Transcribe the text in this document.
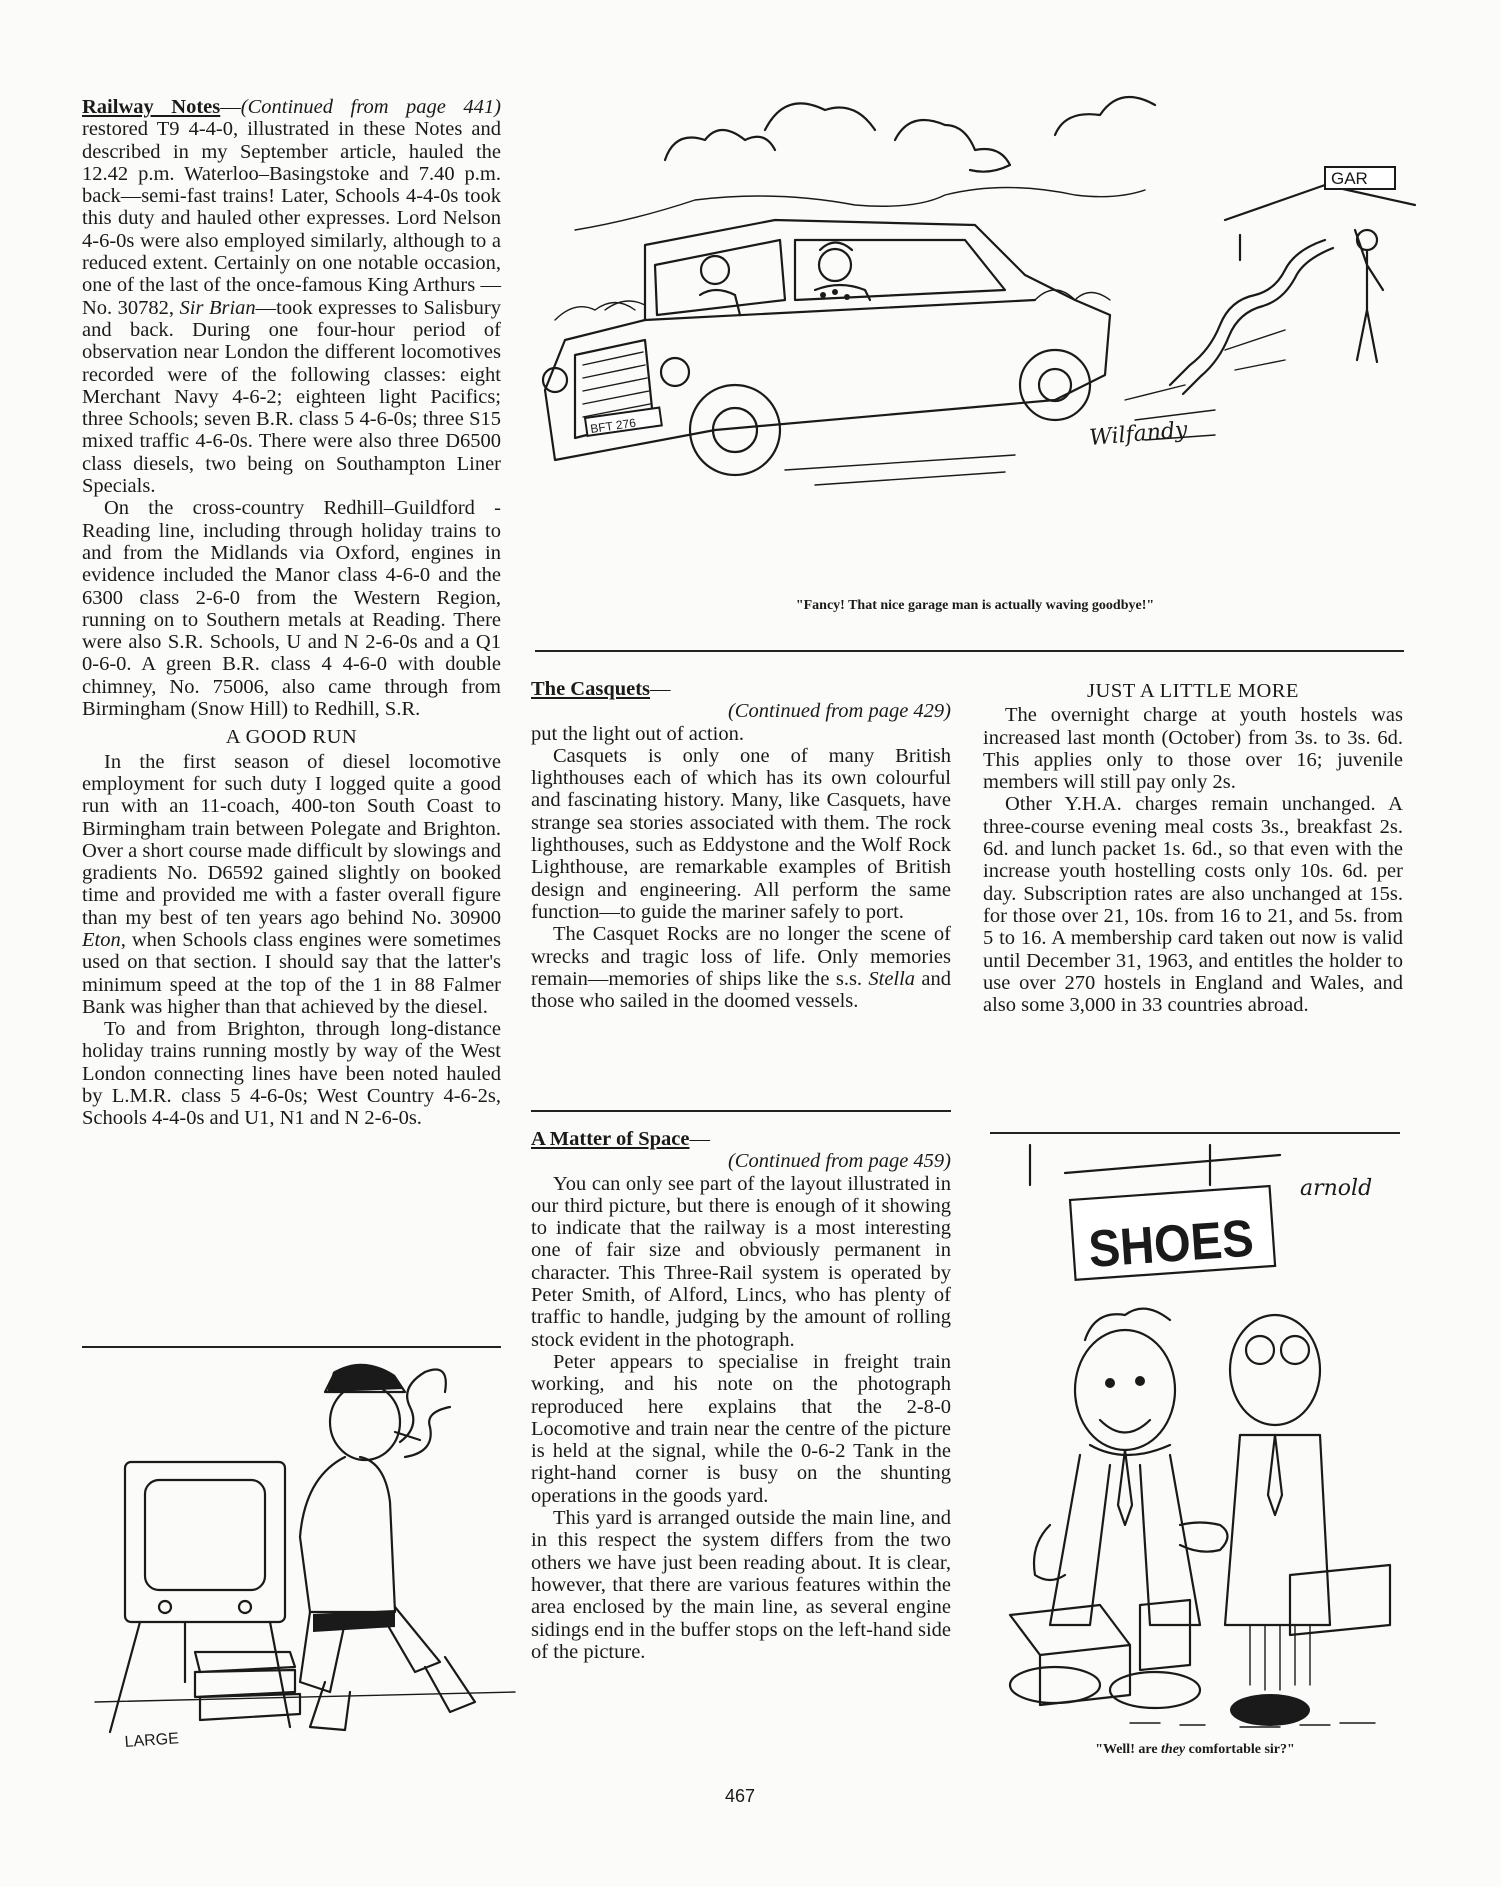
Railway Notes—(Continued from page 441) restored T9 4-4-0, illustrated in these Notes and described in my September article, hauled the 12.42 p.m. Waterloo–Basingstoke and 7.40 p.m. back—semi-fast trains! Later, Schools 4-4-0s took this duty and hauled other expresses. Lord Nelson 4-6-0s were also employed similarly, although to a reduced extent. Certainly on one notable occasion, one of the last of the once-famous King Arthurs —No. 30782, Sir Brian—took expresses to Salisbury and back. During one four-hour period of observation near London the different locomotives recorded were of the following classes: eight Merchant Navy 4-6-2; eighteen light Pacifics; three Schools; seven B.R. class 5 4-6-0s; three S15 mixed traffic 4-6-0s. There were also three D6500 class diesels, two being on Southampton Liner Specials.

On the cross-country Redhill–Guildford -Reading line, including through holiday trains to and from the Midlands via Oxford, engines in evidence included the Manor class 4-6-0 and the 6300 class 2-6-0 from the Western Region, running on to Southern metals at Reading. There were also S.R. Schools, U and N 2-6-0s and a Q1 0-6-0. A green B.R. class 4 4-6-0 with double chimney, No. 75006, also came through from Birmingham (Snow Hill) to Redhill, S.R.

A GOOD RUN

In the first season of diesel locomotive employment for such duty I logged quite a good run with an 11-coach, 400-ton South Coast to Birmingham train between Polegate and Brighton. Over a short course made difficult by slowings and gradients No. D6592 gained slightly on booked time and provided me with a faster overall figure than my best of ten years ago behind No. 30900 Eton, when Schools class engines were sometimes used on that section. I should say that the latter's minimum speed at the top of the 1 in 88 Falmer Bank was higher than that achieved by the diesel.

To and from Brighton, through long-distance holiday trains running mostly by way of the West London connecting lines have been noted hauled by L.M.R. class 5 4-6-0s; West Country 4-6-2s, Schools 4-4-0s and U1, N1 and N 2-6-0s.

GAR
BFT 276	Wilfandy
"Fancy! That nice garage man is actually waving goodbye!"

The Casquets—

(Continued from page 429)

put the light out of action.

Casquets is only one of many British lighthouses each of which has its own colourful and fascinating history. Many, like Casquets, have strange sea stories associated with them. The rock lighthouses, such as Eddystone and the Wolf Rock Lighthouse, are remarkable examples of British design and engineering. All perform the same function—to guide the mariner safely to port.

The Casquet Rocks are no longer the scene of wrecks and tragic loss of life. Only memories remain—memories of ships like the s.s. Stella and those who sailed in the doomed vessels.

A Matter of Space—

(Continued from page 459)

You can only see part of the layout illustrated in our third picture, but there is enough of it showing to indicate that the railway is a most interesting one of fair size and obviously permanent in character. This Three-Rail system is operated by Peter Smith, of Alford, Lincs, who has plenty of traffic to handle, judging by the amount of rolling stock evident in the photograph.

Peter appears to specialise in freight train working, and his note on the photograph reproduced here explains that the 2-8-0 Locomotive and train near the centre of the picture is held at the signal, while the 0-6-2 Tank in the right-hand corner is busy on the shunting operations in the goods yard.

This yard is arranged outside the main line, and in this respect the system differs from the two others we have just been reading about. It is clear, however, that there are various features within the area enclosed by the main line, as several engine sidings end in the buffer stops on the left-hand side of the picture.

JUST A LITTLE MORE

The overnight charge at youth hostels was increased last month (October) from 3s. to 3s. 6d. This applies only to those over 16; juvenile members will still pay only 2s.

Other Y.H.A. charges remain unchanged. A three-course evening meal costs 3s., breakfast 2s. 6d. and lunch packet 1s. 6d., so that even with the increase youth hostelling costs only 10s. 6d. per day. Subscription rates are also unchanged at 15s. for those over 21, 10s. from 16 to 21, and 5s. from 5 to 16. A membership card taken out now is valid until December 31, 1963, and entitles the holder to use over 270 hostels in England and Wales, and also some 3,000 in 33 countries abroad.

SHOES
arnold
"Well! are they comfortable sir?"
LARGE
467
